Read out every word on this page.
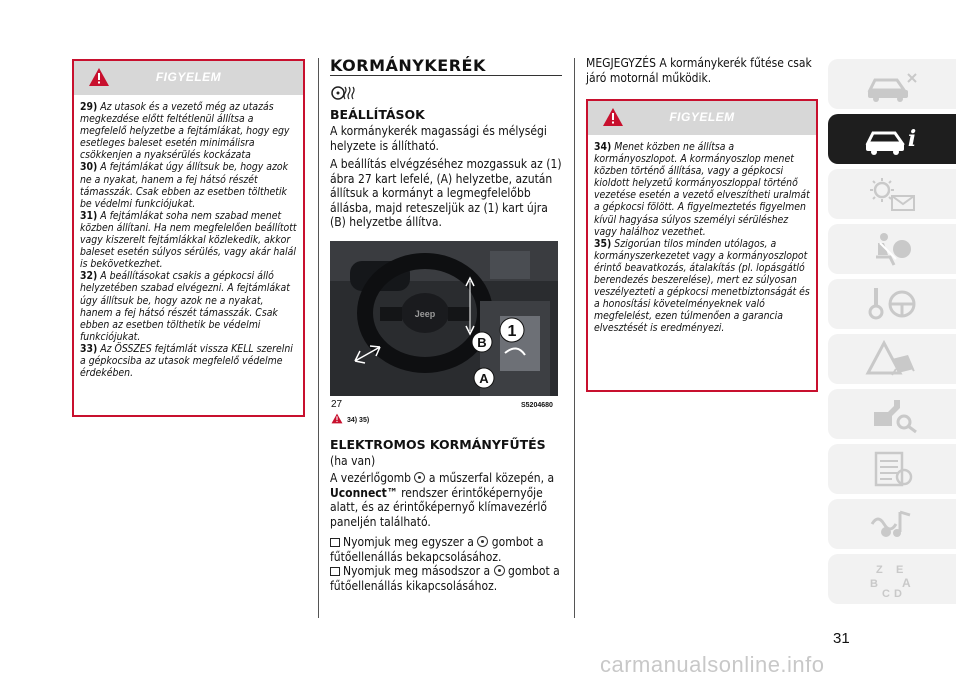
FIGYELEM

29) Az utasok és a vezető még az utazás megkezdése előtt feltétlenül állítsa a megfelelő helyzetbe a fejtámlákat, hogy egy esetleges baleset esetén minimálisra csökkenjen a nyaksérülés kockázata

30) A fejtámlákat úgy állítsuk be, hogy azok ne a nyakat, hanem a fej hátsó részét támasszák. Csak ebben az esetben tölthetik be védelmi funkciójukat.

31) A fejtámlákat soha nem szabad menet közben állítani. Ha nem megfelelően beállított vagy kiszerelt fejtámlákkal közlekedik, akkor baleset esetén súlyos sérülés, vagy akár halál is bekövetkezhet.

32) A beállításokat csakis a gépkocsi álló helyzetében szabad elvégezni. A fejtámlákat úgy állítsuk be, hogy azok ne a nyakat, hanem a fej hátsó részét támasszák. Csak ebben az esetben tölthetik be védelmi funkciójukat.

33) Az ÖSSZES fejtámlát vissza KELL szerelni a gépkocsiba az utasok megfelelő védelme érdekében.

KORMÁNYKERÉK
BEÁLLÍTÁSOK
A kormánykerék magassági és mélységi helyzete is állítható.
A beállítás elvégzéséhez mozgassuk az (1) ábra 27 kart lefelé, (A) helyzetbe, azután állítsuk a kormányt a legmegfelelőbb állásba, majd reteszeljük az (1) kart újra (B) helyzetbe állítva.
Jeep
1
B
A
27	S5204680
34) 35)
ELEKTROMOS KORMÁNYFŰTÉS
(ha van)
A vezérlőgomb a műszerfal közepén, a Uconnect™ rendszer érintőképernyője alatt, és az érintőképernyő klímavezérlő paneljén található.
Nyomjuk meg egyszer a gombot a fűtőellenállás bekapcsolásához.
Nyomjuk meg másodszor a gombot a fűtőellenállás kikapcsolásához.
MEGJEGYZÉS A kormánykerék fűtése csak járó motornál működik.
FIGYELEM

34) Menet közben ne állítsa a kormányoszlopot. A kormányoszlop menet közben történő állítása, vagy a gépkocsi kioldott helyzetű kormányoszloppal történő vezetése esetén a vezető elveszítheti uralmát a gépkocsi fölött. A figyelmeztetés figyelmen kívül hagyása súlyos személyi sérüléshez vagy halálhoz vezethet.

35) Szigorúan tilos minden utólagos, a kormányszerkezetet vagy a kormányoszlopot érintő beavatkozás, átalakítás (pl. lopásgátló berendezés beszerelése), mert ez súlyosan veszélyezteti a gépkocsi menetbiztonságát és a honosítási követelményeknek való megfelelést, ezen túlmenően a garancia elvesztését is eredményezi.

i
Z E
B A
C D
31
carmanualsonline.info
